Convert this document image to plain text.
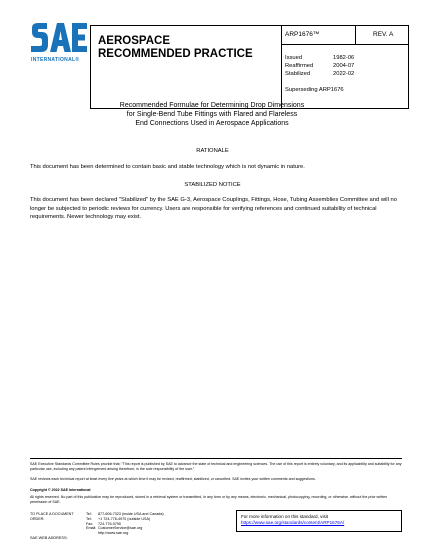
INTERNATIONAL®
AEROSPACE
RECOMMENDED PRACTICE
ARP1676™	REV. A
Issued	1982-06
Reaffirmed	2004-07
Stabilized	2022-02
Superseding ARP1676
Recommended Formulae for Determining Drop Dimensions
for Single-Bend Tube Fittings with Flared and Flareless
End Connections Used in Aerospace Applications
RATIONALE
This document has been determined to contain basic and stable technology which is not dynamic in nature.
STABILIZED NOTICE
This document has been declared "Stabilized" by the SAE G-3, Aerospace Couplings, Fittings, Hose, Tubing Assemblies Committee and will no longer be subjected to periodic reviews for currency. Users are responsible for verifying references and continued suitability of technical requirements. Newer technology may exist.
SAE Executive Standards Committee Rules provide that: "This report is published by SAE to advance the state of technical and engineering sciences. The use of this report is entirely voluntary, and its applicability and suitability for any particular use, including any patent infringement arising therefrom, is the sole responsibility of the user."
SAE reviews each technical report at least every five years at which time it may be revised, reaffirmed, stabilized, or cancelled. SAE invites your written comments and suggestions.
Copyright © 2022 SAE International
All rights reserved. No part of this publication may be reproduced, stored in a retrieval system or transmitted, in any form or by any means, electronic, mechanical, photocopying, recording, or otherwise, without the prior written permission of SAE.
TO PLACE A DOCUMENT ORDER:
Tel:	877-606-7323 (inside USA and Canada)
Tel:	+1 724-776-4970 (outside USA)
Fax:	724-776-0790
Email: CustomerService@sae.org
http://www.sae.org
For more information on this standard, visit
https://www.sae.org/standards/content/ARP1676A/
SAE WEB ADDRESS:
